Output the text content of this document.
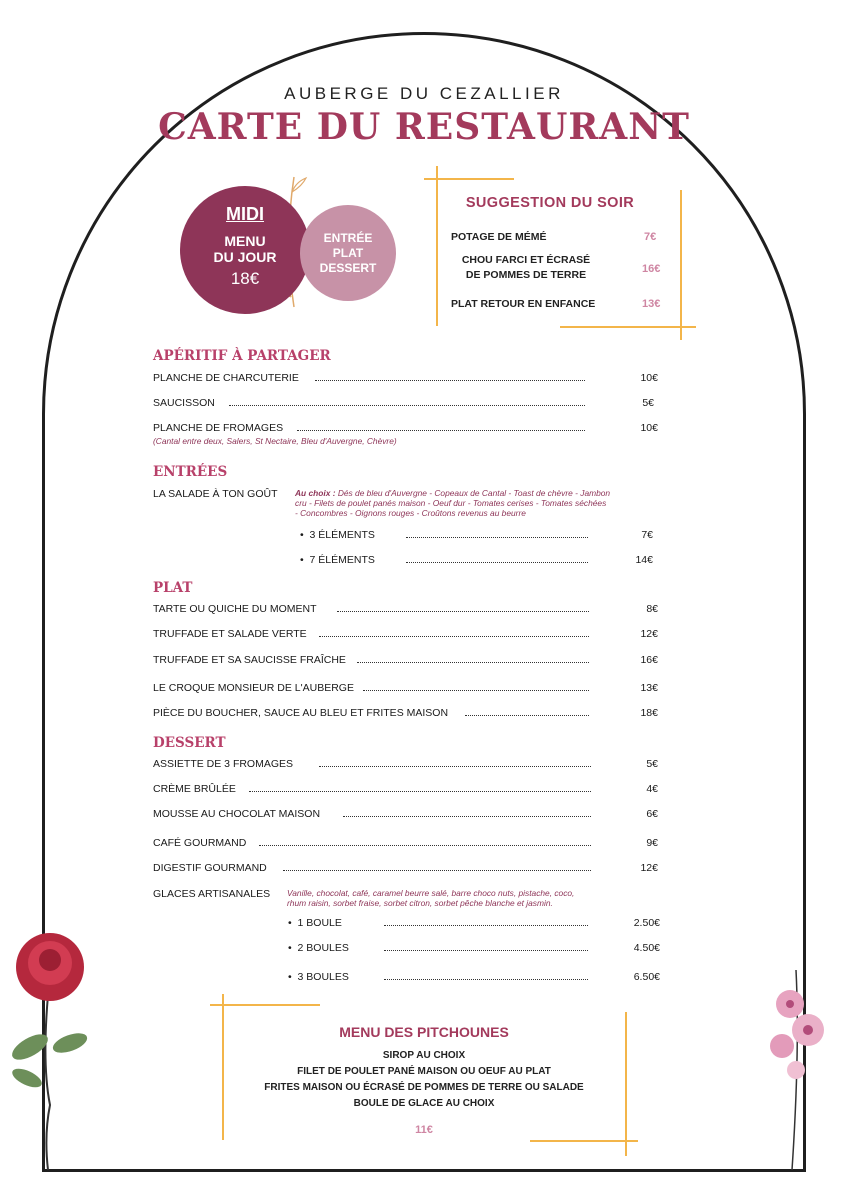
AUBERGE DU CEZALLIER
CARTE DU RESTAURANT
MIDI
MENU
DU JOUR
18€
ENTRÉE
PLAT
DESSERT
SUGGESTION DU SOIR
POTAGE DE MÉMÉ	7€
CHOU FARCI ET ÉCRASÉ
DE POMMES DE TERRE	16€
PLAT RETOUR EN ENFANCE	13€
APÉRITIF À PARTAGER
PLANCHE DE CHARCUTERIE	10€
SAUCISSON	5€
PLANCHE DE FROMAGES	10€
(Cantal entre deux, Salers, St Nectaire, Bleu d'Auvergne, Chèvre)
ENTRÉES
LA SALADE À TON GOÛT Au choix : Dés de bleu d'Auvergne - Copeaux de Cantal - Toast de chèvre - Jambon
cru - Filets de poulet panés maison - Oeuf dur - Tomates cerises - Tomates séchées
- Concombres - Oignons rouges - Croûtons revenus au beurre
•  3 ÉLÉMENTS	7€
•  7 ÉLÉMENTS	14€
PLAT
TARTE OU QUICHE DU MOMENT	8€
TRUFFADE ET SALADE VERTE	12€
TRUFFADE ET SA SAUCISSE FRAÎCHE	16€
LE CROQUE MONSIEUR DE L'AUBERGE	13€
PIÈCE DU BOUCHER, SAUCE AU BLEU ET FRITES MAISON	18€
DESSERT
ASSIETTE DE 3 FROMAGES	5€
CRÈME BRÛLÉE	4€
MOUSSE AU CHOCOLAT MAISON	6€
CAFÉ GOURMAND	9€
DIGESTIF GOURMAND	12€
GLACES ARTISANALES Vanille, chocolat, café, caramel beurre salé, barre choco nuts, pistache, coco,
rhum raisin, sorbet fraise, sorbet citron, sorbet pêche blanche et jasmin.
•  1 BOULE	2.50€
•  2 BOULES	4.50€
•  3 BOULES	6.50€
MENU DES PITCHOUNES
SIROP AU CHOIX
FILET DE POULET PANÉ MAISON OU OEUF AU PLAT
FRITES MAISON OU ÉCRASÉ DE POMMES DE TERRE OU SALADE
BOULE DE GLACE AU CHOIX
11€
